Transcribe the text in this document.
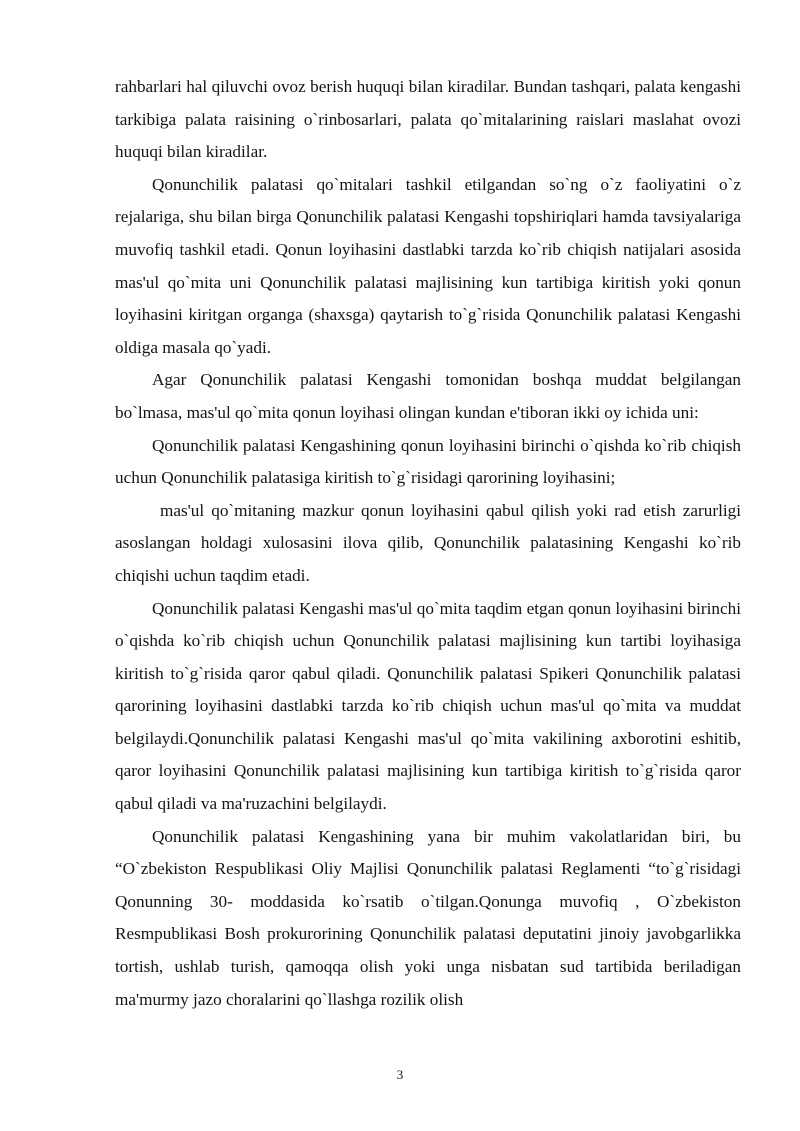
rahbarlari hal qiluvchi ovoz berish huquqi bilan kiradilar. Bundan tashqari, palata kengashi tarkibiga palata raisining o`rinbosarlari, palata qo`mitalarining raislari maslahat ovozi huquqi bilan kiradilar.

Qonunchilik palatasi qo`mitalari tashkil etilgandan so`ng o`z faoliyatini o`z rejalariga, shu bilan birga Qonunchilik palatasi Kengashi topshiriqlari hamda tavsiyalariga muvofiq tashkil etadi. Qonun loyihasini dastlabki tarzda ko`rib chiqish natijalari asosida mas'ul qo`mita uni Qonunchilik palatasi majlisining kun tartibiga kiritish yoki qonun loyihasini kiritgan organga (shaxsga) qaytarish to`g`risida Qonunchilik palatasi Kengashi oldiga masala qo`yadi.

Agar Qonunchilik palatasi Kengashi tomonidan boshqa muddat belgilangan bo`lmasa, mas'ul qo`mita qonun loyihasi olingan kundan e'tiboran ikki oy ichida uni:

Qonunchilik palatasi Kengashining qonun loyihasini birinchi o`qishda ko`rib chiqish uchun Qonunchilik palatasiga kiritish to`g`risidagi qarorining loyihasini;

mas'ul qo`mitaning mazkur qonun loyihasini qabul qilish yoki rad etish zarurligi asoslangan holdagi xulosasini ilova qilib, Qonunchilik palatasining Kengashi ko`rib chiqishi uchun taqdim etadi.

Qonunchilik palatasi Kengashi mas'ul qo`mita taqdim etgan qonun loyihasini birinchi o`qishda ko`rib chiqish uchun Qonunchilik palatasi majlisining kun tartibi loyihasiga kiritish to`g`risida qaror qabul qiladi. Qonunchilik palatasi Spikeri Qonunchilik palatasi qarorining loyihasini dastlabki tarzda ko`rib chiqish uchun mas'ul qo`mita va muddat belgilaydi.Qonunchilik palatasi Kengashi mas'ul qo`mita vakilining axborotini eshitib, qaror loyihasini Qonunchilik palatasi majlisining kun tartibiga kiritish to`g`risida qaror qabul qiladi va ma'ruzachini belgilaydi.

Qonunchilik palatasi Kengashining yana bir muhim vakolatlaridan biri, bu “O`zbekiston Respublikasi Oliy Majlisi Qonunchilik palatasi Reglamenti “to`g`risidagi Qonunning 30- moddasida ko`rsatib o`tilgan.Qonunga muvofiq , O`zbekiston Resmpublikasi Bosh prokurorining Qonunchilik palatasi deputatini jinoiy javobgarlikka tortish, ushlab turish, qamoqqa olish yoki unga nisbatan sud tartibida beriladigan ma'murmy jazo choralarini qo`llashga rozilik olish

3
